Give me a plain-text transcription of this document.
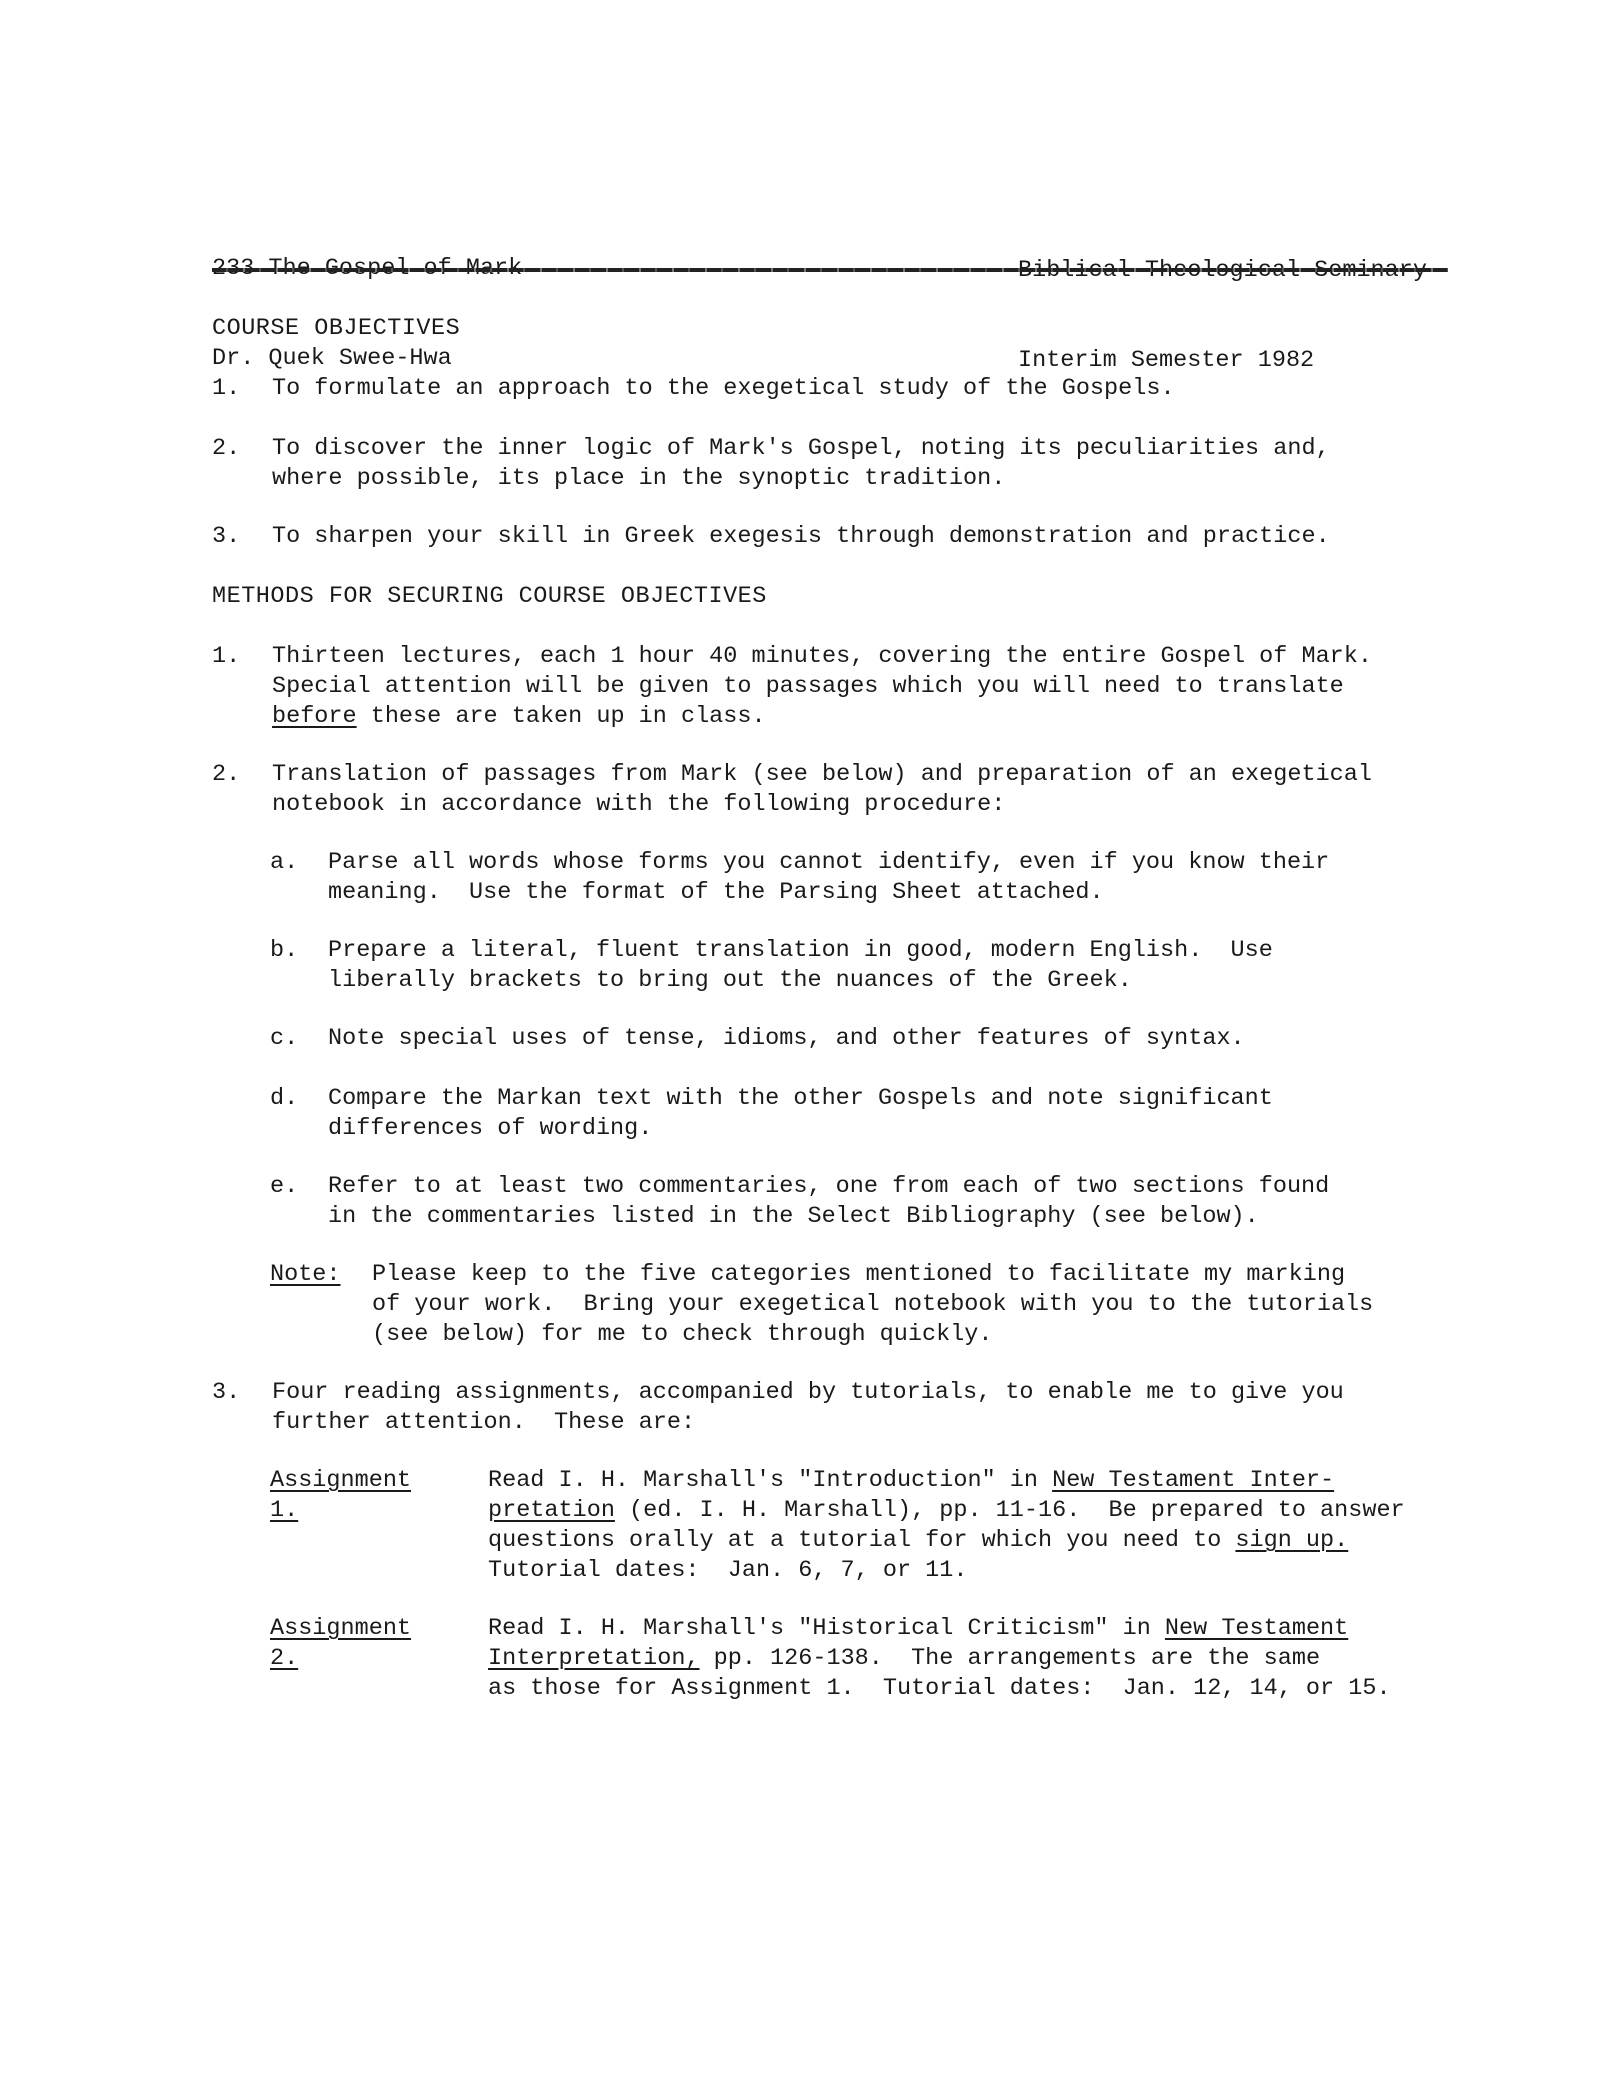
Dr. Quek Swee-Hwa

	Interim Semester 1982

COURSE OBJECTIVES
1. To formulate an approach to the exegetical study of the Gospels.
2. To discover the inner logic of Mark's Gospel, noting its peculiarities and,
where possible, its place in the synoptic tradition.
3. To sharpen your skill in Greek exegesis through demonstration and practice.
METHODS FOR SECURING COURSE OBJECTIVES
1. Thirteen lectures, each 1 hour 40 minutes, covering the entire Gospel of Mark.
Special attention will be given to passages which you will need to translate
before these are taken up in class.
2. Translation of passages from Mark (see below) and preparation of an exegetical
notebook in accordance with the following procedure:
a. Parse all words whose forms you cannot identify, even if you know their
meaning.  Use the format of the Parsing Sheet attached.
b. Prepare a literal, fluent translation in good, modern English.  Use
liberally brackets to bring out the nuances of the Greek.
c. Note special uses of tense, idioms, and other features of syntax.
d. Compare the Markan text with the other Gospels and note significant
differences of wording.
e. Refer to at least two commentaries, one from each of two sections found
in the commentaries listed in the Select Bibliography (see below).
Note: Please keep to the five categories mentioned to facilitate my marking
of your work.  Bring your exegetical notebook with you to the tutorials
(see below) for me to check through quickly.
3. Four reading assignments, accompanied by tutorials, to enable me to give you
further attention.  These are:
Assignment 1.
Read I. H. Marshall's "Introduction" in New Testament Inter-
pretation (ed. I. H. Marshall), pp. 11-16.  Be prepared to answer
questions orally at a tutorial for which you need to sign up.
Tutorial dates:  Jan. 6, 7, or 11.
Assignment 2.
Read I. H. Marshall's "Historical Criticism" in New Testament
Interpretation, pp. 126-138.  The arrangements are the same
as those for Assignment 1.  Tutorial dates:  Jan. 12, 14, or 15.
